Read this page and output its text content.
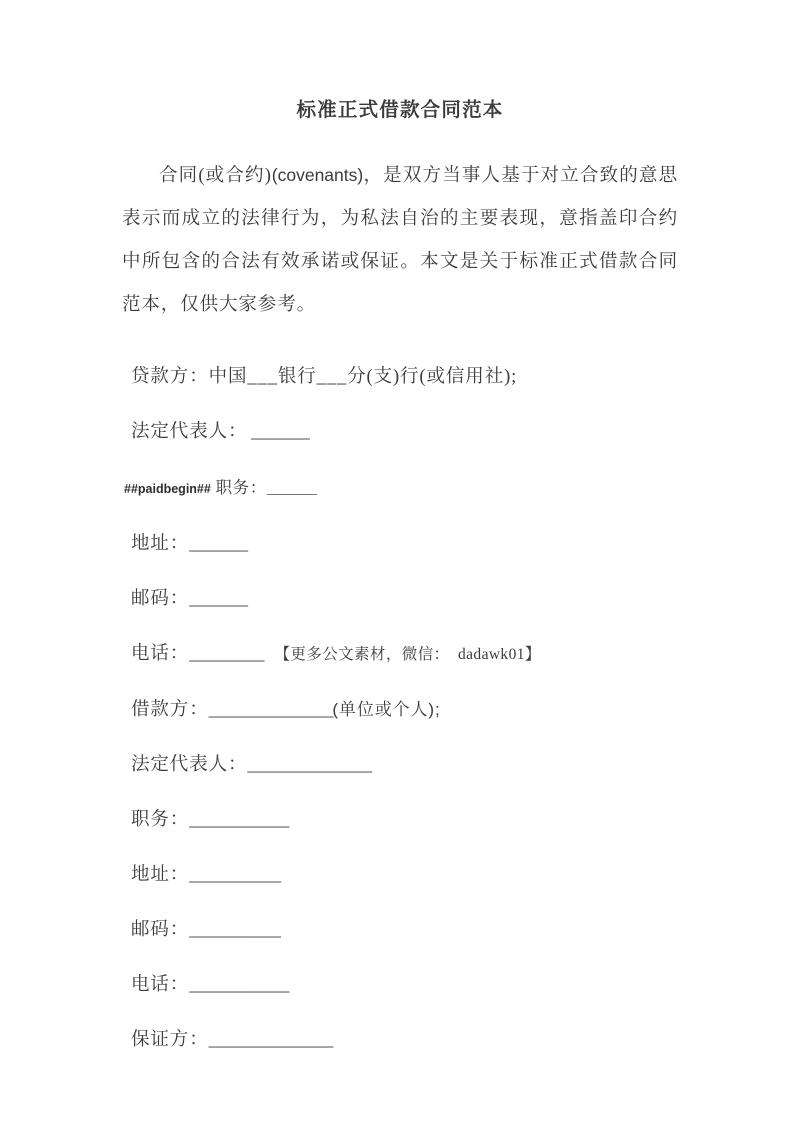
标准正式借款合同范本

合同(或合约)(covenants)，是双方当事人基于对立合致的意思表示而成立的法律行为，为私法自治的主要表现，意指盖印合约中所包含的合法有效承诺或保证。本文是关于标准正式借款合同范本，仅供大家参考。

贷款方：中国___银行___分(支)行(或信用社);

法定代表人： _______

##paidbegin## 职务：_______

地址：_______

邮码：_______

电话：_________ 【更多公文素材，微信： dadawk01】

借款方：_______________(单位或个人);

法定代表人：_______________

职务：____________

地址：___________

邮码：___________

电话：____________

保证方：_______________
